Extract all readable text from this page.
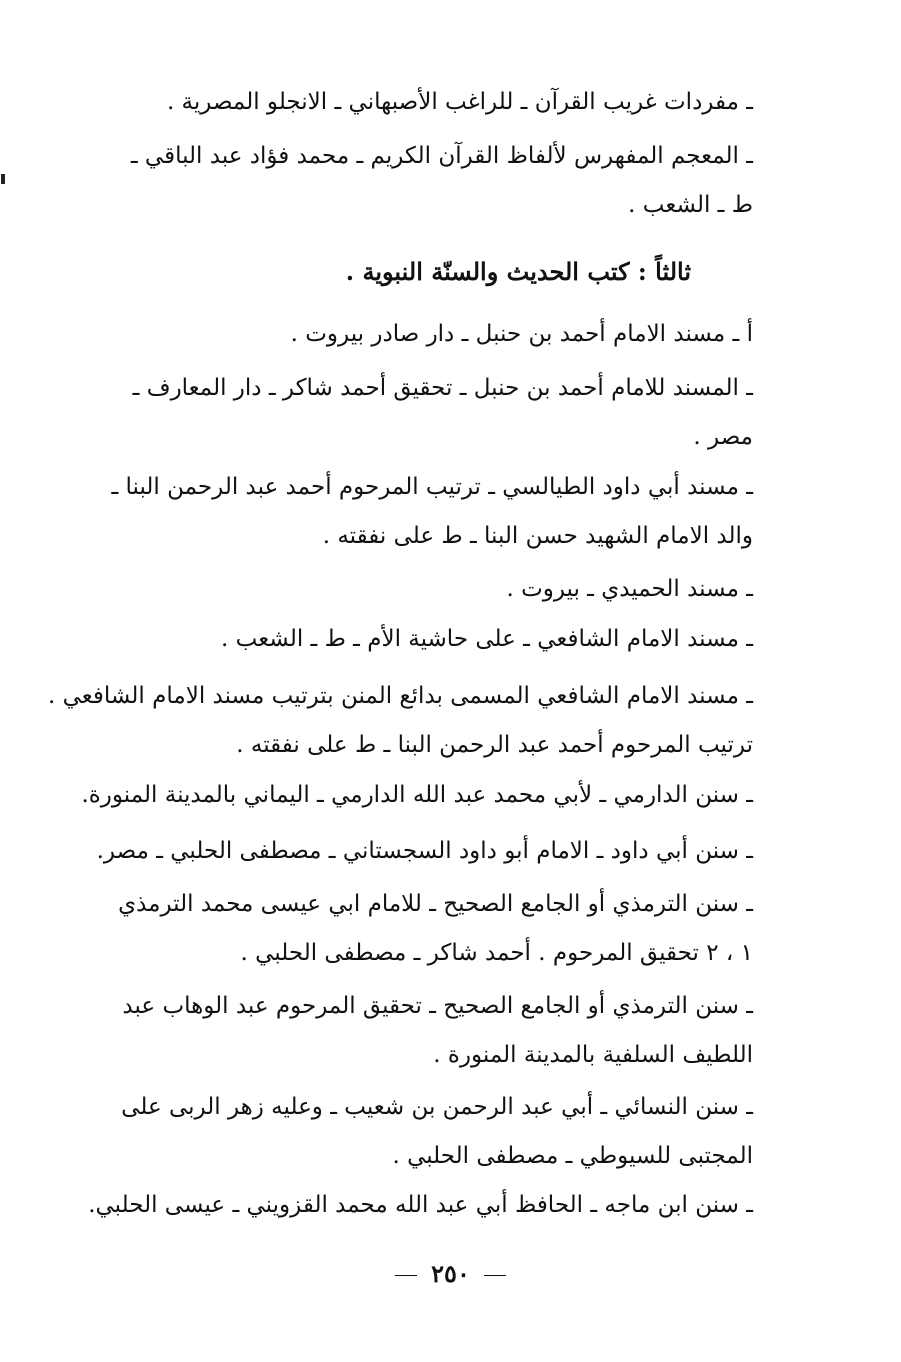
ـ مفردات غريب القرآن ـ للراغب الأصبهاني ـ الانجلو المصرية .
ـ المعجم المفهرس لألفاظ القرآن الكريم ـ محمد فؤاد عبد الباقي ـ
ط ـ الشعب .
ثالثاً : كتب الحديث والسنّة النبوية .
أ ـ مسند الامام أحمد بن حنبل ـ دار صادر بيروت .
ـ المسند للامام أحمد بن حنبل ـ تحقيق أحمد شاكر ـ دار المعارف ـ
مصر .
ـ مسند أبي داود الطيالسي ـ ترتيب المرحوم أحمد عبد الرحمن البنا ـ
والد الامام الشهيد حسن البنا ـ ط على نفقته .
ـ مسند الحميدي ـ بيروت .
ـ مسند الامام الشافعي ـ على حاشية الأم ـ ط ـ الشعب .
ـ مسند الامام الشافعي المسمى بدائع المنن بترتيب مسند الامام الشافعي .
ترتيب المرحوم أحمد عبد الرحمن البنا ـ ط على نفقته .
ـ سنن الدارمي ـ لأبي محمد عبد الله الدارمي ـ اليماني بالمدينة المنورة.
ـ سنن أبي داود ـ الامام أبو داود السجستاني ـ مصطفى الحلبي ـ مصر.
ـ سنن الترمذي أو الجامع الصحيح ـ للامام ابي عيسى محمد الترمذي
١ ، ٢ تحقيق المرحوم . أحمد شاكر ـ مصطفى الحلبي .
ـ سنن الترمذي أو الجامع الصحيح ـ تحقيق المرحوم عبد الوهاب عبد
اللطيف السلفية بالمدينة المنورة .
ـ سنن النسائي ـ أبي عبد الرحمن بن شعيب ـ وعليه زهر الربى على
المجتبى للسيوطي ـ مصطفى الحلبي .
ـ سنن ابن ماجه ـ الحافظ أبي عبد الله محمد القزويني ـ عيسى الحلبي.
٢٥٠
